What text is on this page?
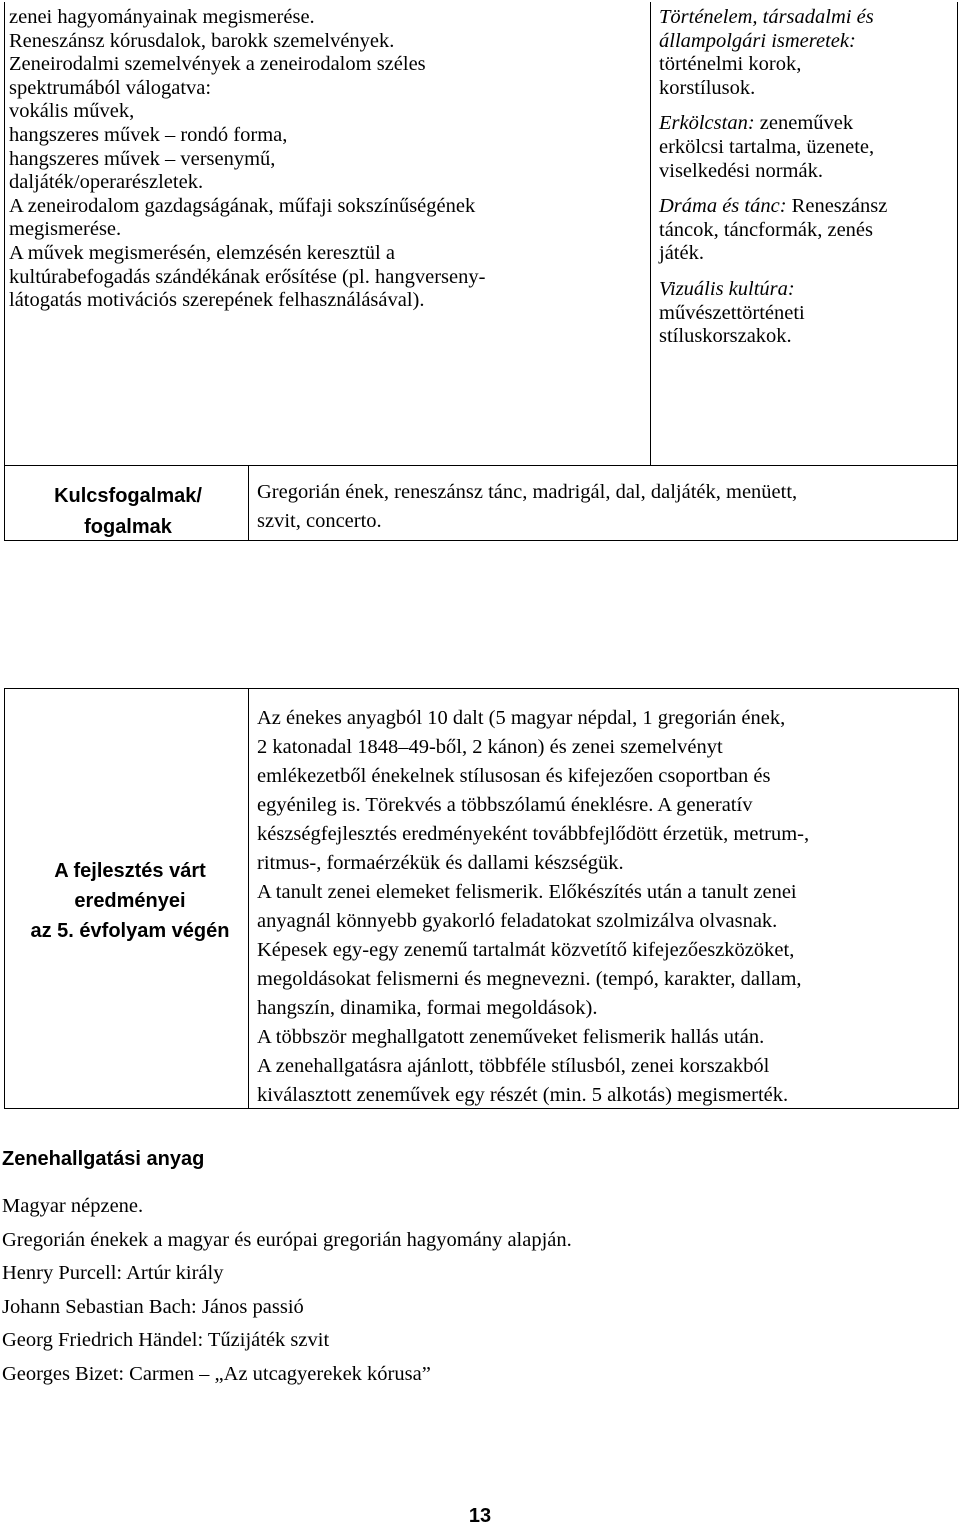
zenei hagyományainak megismerése.
Reneszánsz kórusdalok, barokk szemelvények.
Zeneirodalmi szemelvények a zeneirodalom széles
spektrumából válogatva:
vokális művek,
hangszeres művek – rondó forma,
hangszeres művek – versenymű,
daljáték/operarészletek.
A zeneirodalom gazdagságának, műfaji sokszínűségének
megismerése.
A művek megismerésén, elemzésén keresztül a
kultúrabefogadás szándékának erősítése (pl. hangverseny-
látogatás motivációs szerepének felhasználásával).
Történelem, társadalmi és
állampolgári ismeretek:
történelmi korok,
korstílusok.
Erkölcstan: zeneművek
erkölcsi tartalma, üzenete,
viselkedési normák.
Dráma és tánc: Reneszánsz
táncok, táncformák, zenés
játék.
Vizuális kultúra:
művészettörténeti
stíluskorszakok.
Kulcsfogalmak/
fogalmak
Gregorián ének, reneszánsz tánc, madrigál, dal, daljáték, menüett,
szvit, concerto.
A fejlesztés várt
eredményei
az 5. évfolyam végén
Az énekes anyagból 10 dalt (5 magyar népdal, 1 gregorián ének,
2 katonadal 1848–49-ből, 2 kánon) és zenei szemelvényt
emlékezetből énekelnek stílusosan és kifejezően csoportban és
egyénileg is. Törekvés a többszólamú éneklésre. A generatív
készségfejlesztés eredményeként továbbfejlődött érzetük, metrum-,
ritmus-, formaérzékük és dallami készségük.
A tanult zenei elemeket felismerik. Előkészítés után a tanult zenei
anyagnál könnyebb gyakorló feladatokat szolmizálva olvasnak.
Képesek egy-egy zenemű tartalmát közvetítő kifejezőeszközöket,
megoldásokat felismerni és megnevezni. (tempó, karakter, dallam,
hangszín, dinamika, formai megoldások).
A többször meghallgatott zeneműveket felismerik hallás után.
A zenehallgatásra ajánlott, többféle stílusból, zenei korszakból
kiválasztott zeneművek egy részét (min. 5 alkotás) megismerték.
Zenehallgatási anyag
Magyar népzene.
Gregorián énekek a magyar és európai gregorián hagyomány alapján.
Henry Purcell: Artúr király
Johann Sebastian Bach: János passió
Georg Friedrich Händel: Tűzijáték szvit
Georges Bizet: Carmen – „Az utcagyerekek kórusa”
13
